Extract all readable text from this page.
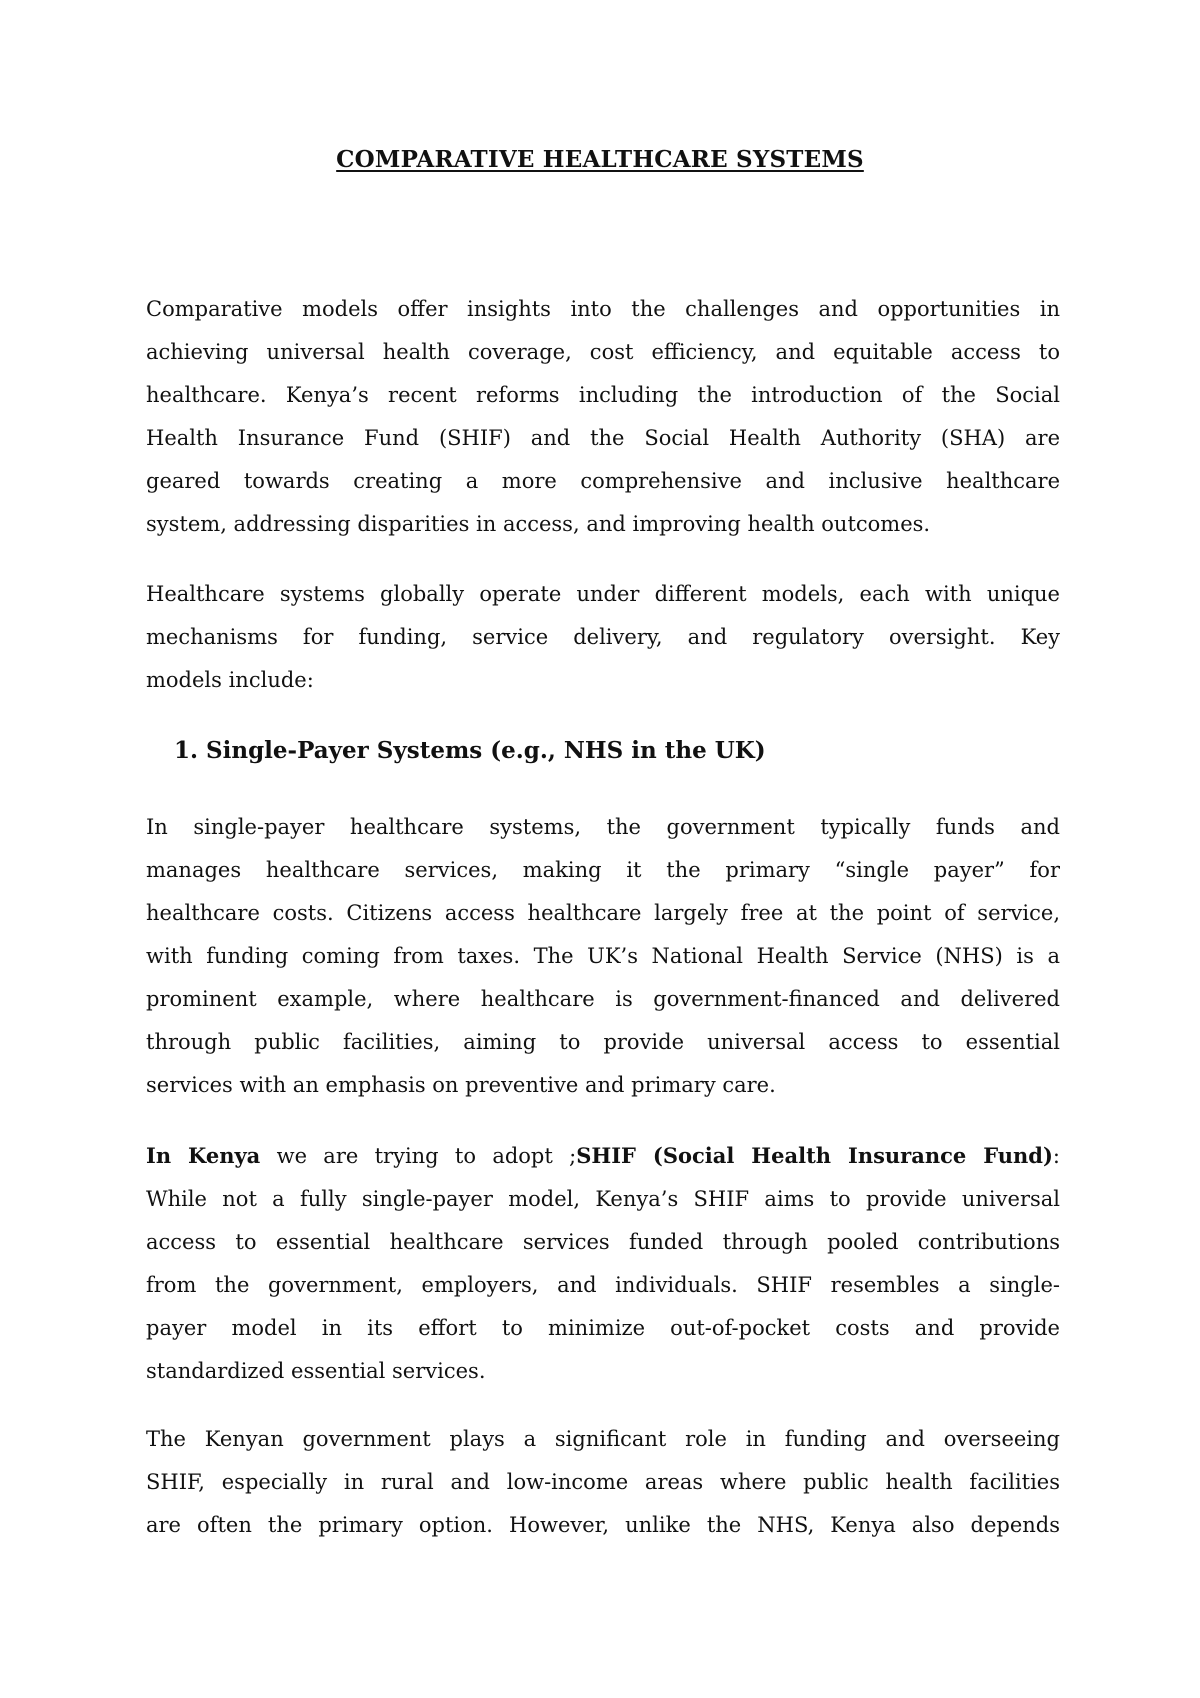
COMPARATIVE HEALTHCARE SYSTEMS
Comparative models offer insights into the challenges and opportunities in
achieving universal health coverage, cost efficiency, and equitable access to
healthcare. Kenya’s recent reforms including the introduction of the Social
Health Insurance Fund (SHIF) and the Social Health Authority (SHA) are
geared towards creating a more comprehensive and inclusive healthcare
system, addressing disparities in access, and improving health outcomes.
Healthcare systems globally operate under different models, each with unique
mechanisms for funding, service delivery, and regulatory oversight. Key
models include:
1. Single-Payer Systems (e.g., NHS in the UK)
In single-payer healthcare systems, the government typically funds and
manages healthcare services, making it the primary “single payer” for
healthcare costs. Citizens access healthcare largely free at the point of service,
with funding coming from taxes. The UK’s National Health Service (NHS) is a
prominent example, where healthcare is government-financed and delivered
through public facilities, aiming to provide universal access to essential
services with an emphasis on preventive and primary care.
In Kenya we are trying to adopt ;SHIF (Social Health Insurance Fund):
While not a fully single-payer model, Kenya’s SHIF aims to provide universal
access to essential healthcare services funded through pooled contributions
from the government, employers, and individuals. SHIF resembles a single-
payer model in its effort to minimize out-of-pocket costs and provide
standardized essential services.
The Kenyan government plays a significant role in funding and overseeing
SHIF, especially in rural and low-income areas where public health facilities
are often the primary option. However, unlike the NHS, Kenya also depends
